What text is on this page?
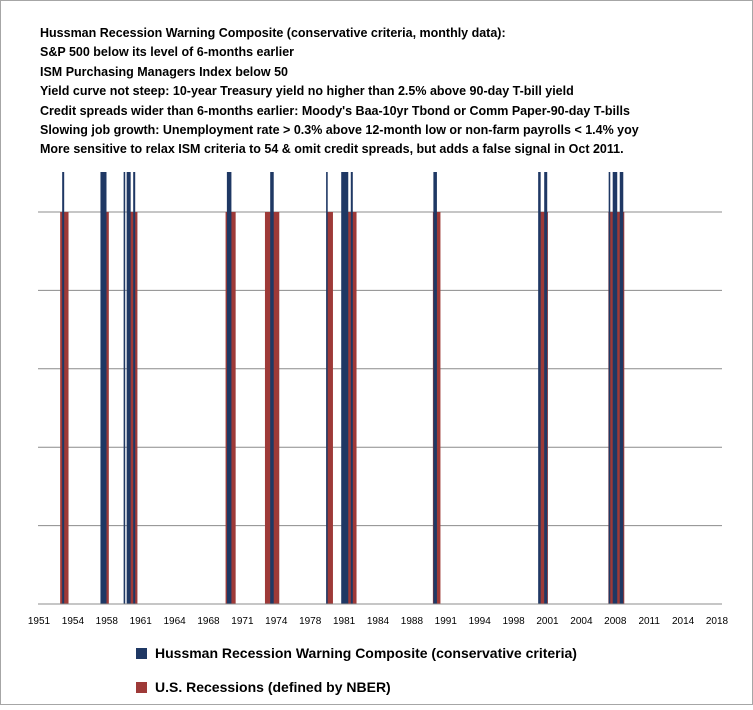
Hussman Recession Warning Composite (conservative criteria, monthly data):
S&P 500 below its level of 6-months earlier
ISM Purchasing Managers Index below 50
Yield curve not steep: 10-year Treasury yield no higher than 2.5% above 90-day T-bill yield
Credit spreads wider than 6-months earlier: Moody's Baa-10yr Tbond or Comm Paper-90-day T-bills
Slowing job growth: Unemployment rate > 0.3% above 12-month low or non-farm payrolls < 1.4% yoy
More sensitive to relax ISM criteria to 54 & omit credit spreads, but adds a false signal in Oct 2011.
1951 1954 1958 1961 1964 1968 1971 1974 1978 1981 1984 1988 1991 1994 1998 2001 2004 2008 2011 2014 2018
Hussman Recession Warning Composite (conservative criteria)
U.S. Recessions (defined by NBER)
